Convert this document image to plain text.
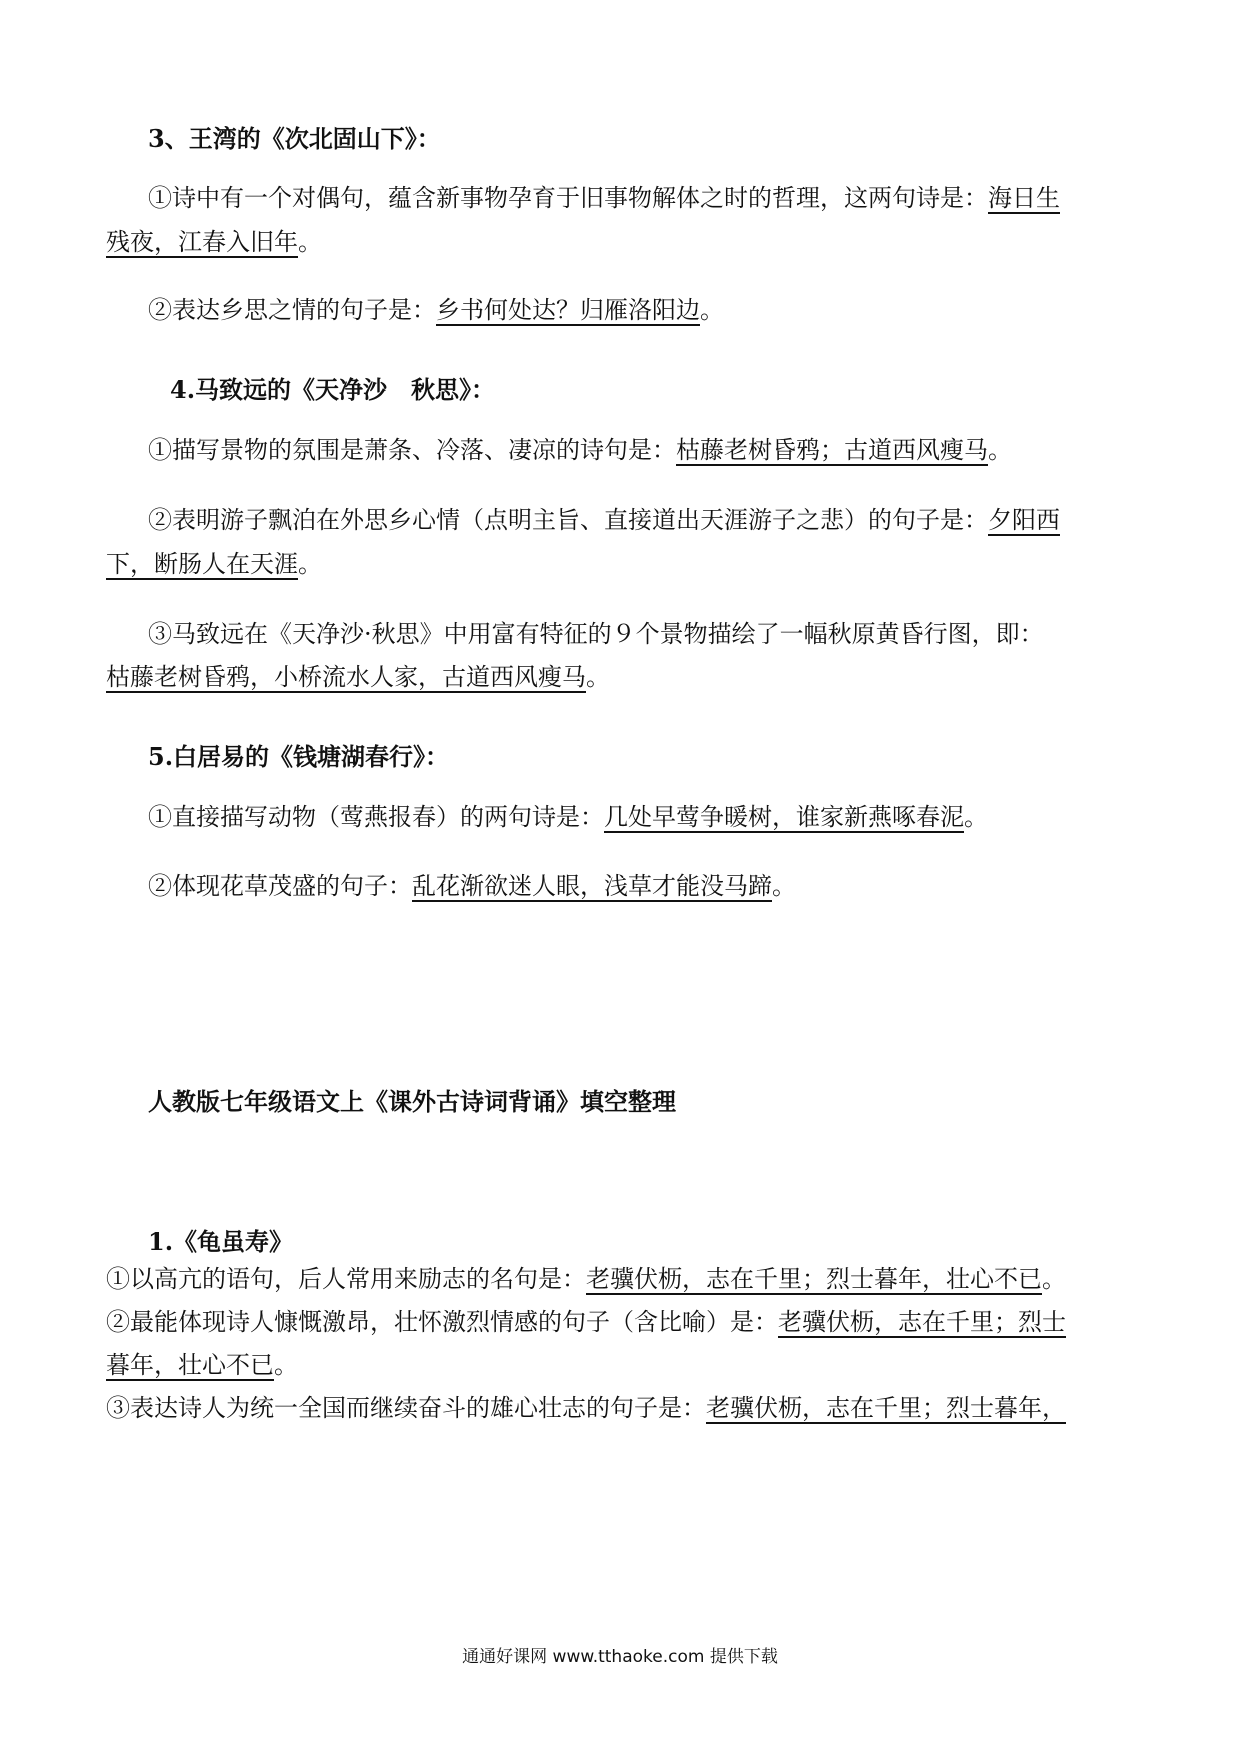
3、王湾的《次北固山下》：
①诗中有一个对偶句，蕴含新事物孕育于旧事物解体之时的哲理，这两句诗是：海日生
残夜，江春入旧年。
②表达乡思之情的句子是：乡书何处达？归雁洛阳边。
4.马致远的《天净沙　秋思》：
①描写景物的氛围是萧条、冷落、凄凉的诗句是：枯藤老树昏鸦；古道西风瘦马。
②表明游子飘泊在外思乡心情（点明主旨、直接道出天涯游子之悲）的句子是：夕阳西
下，断肠人在天涯。
③马致远在《天净沙·秋思》中用富有特征的９个景物描绘了一幅秋原黄昏行图，即：
枯藤老树昏鸦，小桥流水人家，古道西风瘦马。
5.白居易的《钱塘湖春行》：
①直接描写动物（莺燕报春）的两句诗是：几处早莺争暖树，谁家新燕啄春泥。
②体现花草茂盛的句子：乱花渐欲迷人眼，浅草才能没马蹄。
人教版七年级语文上《课外古诗词背诵》填空整理
1.《龟虽寿》
①以高亢的语句，后人常用来励志的名句是：老骥伏枥，志在千里；烈士暮年，壮心不已。
②最能体现诗人慷慨激昂，壮怀激烈情感的句子（含比喻）是：老骥伏枥，志在千里；烈士
暮年，壮心不已。
③表达诗人为统一全国而继续奋斗的雄心壮志的句子是：老骥伏枥，志在千里；烈士暮年，
通通好课网 www.tthaoke.com 提供下载
